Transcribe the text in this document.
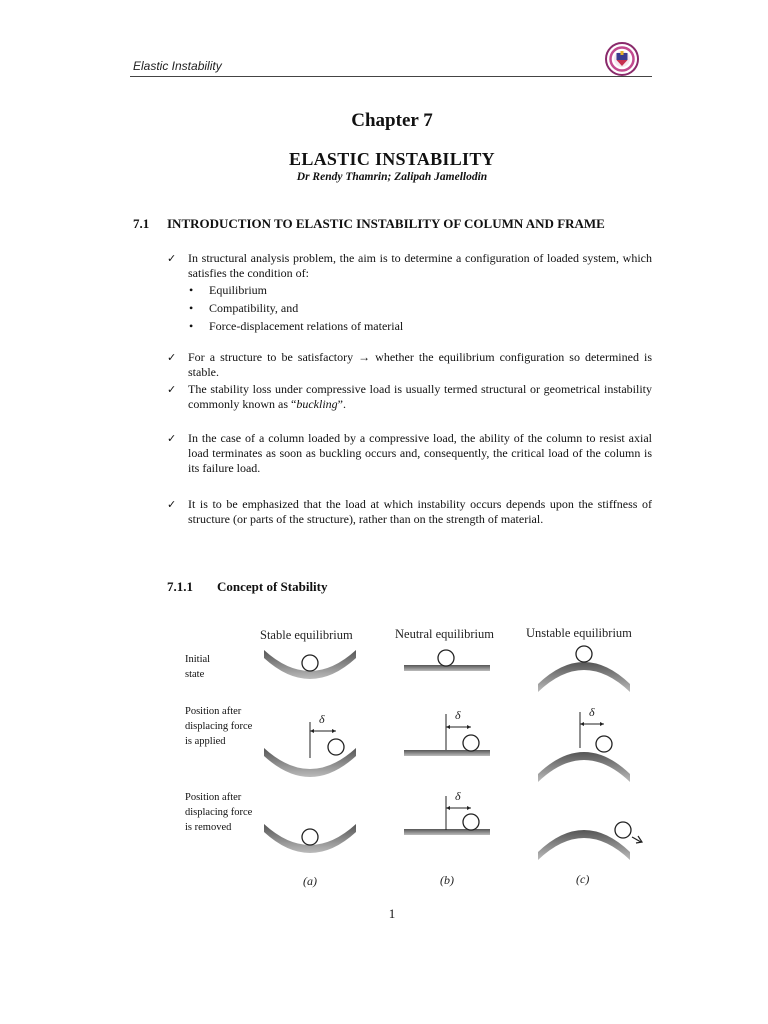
Elastic Instability
Chapter 7
ELASTIC INSTABILITY
Dr Rendy Thamrin; Zalipah Jamellodin
7.1 INTRODUCTION TO ELASTIC INSTABILITY OF COLUMN AND FRAME
✓ In structural analysis problem, the aim is to determine a configuration of loaded system, which satisfies the condition of:
• Equilibrium
• Compatibility, and
• Force-displacement relations of material
✓ For a structure to be satisfactory → whether the equilibrium configuration so determined is stable.
✓ The stability loss under compressive load is usually termed structural or geometrical instability commonly known as “buckling”.
✓ In the case of a column loaded by a compressive load, the ability of the column to resist axial load terminates as soon as buckling occurs and, consequently, the critical load of the column is its failure load.
✓ It is to be emphasized that the load at which instability occurs depends upon the stiffness of structure (or parts of the structure), rather than on the strength of material.
7.1.1 Concept of Stability
Stable equilibrium	Neutral equilibrium	Unstable equilibrium
Initial state
Position after displacing force is applied
Position after displacing force is removed
δ	δ	δ
δ
(a)	(b)	(c)
1
